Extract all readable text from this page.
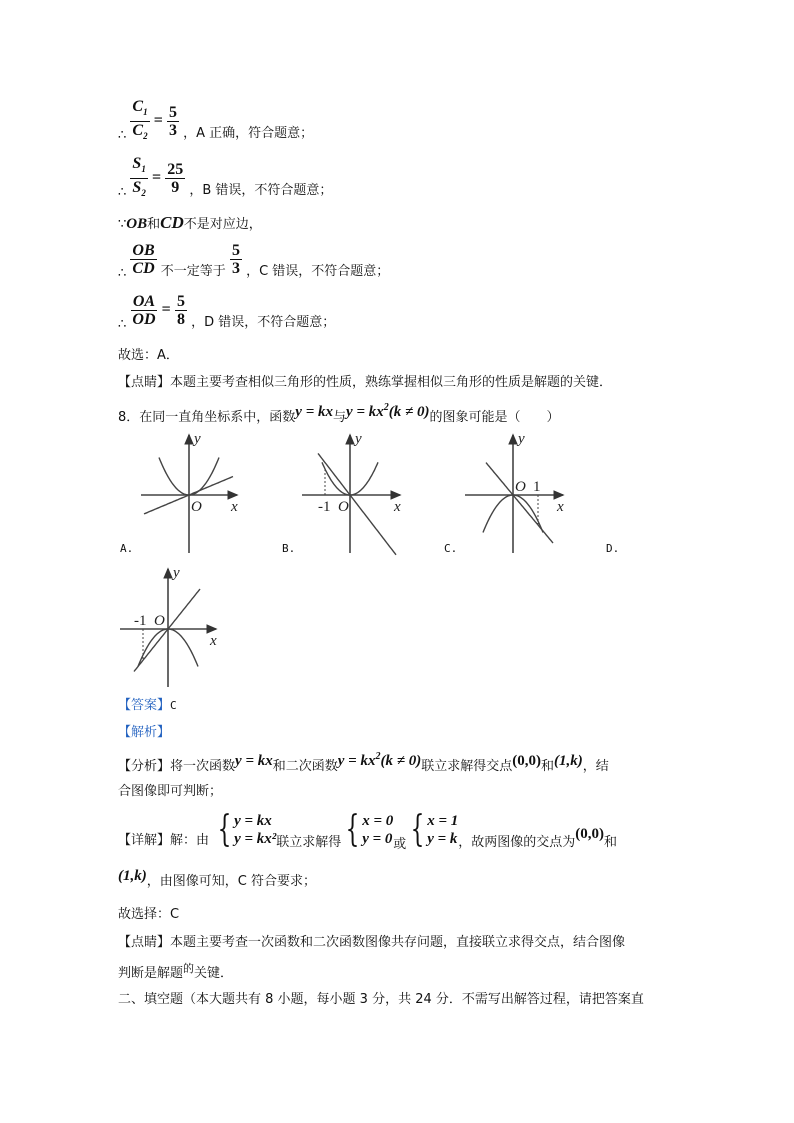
∴ $\frac{C_1}{C_2} = \frac{5}{3}$ ，A 正确，符合题意；
∴ $\frac{S_1}{S_2} = \frac{25}{9}$ ，B 错误，不符合题意；
∵OB和CD不是对应边，
∴ $\frac{OB}{CD}$ 不一定等于 $\frac{5}{3}$ ，C 错误，不符合题意；
∴ $\frac{OA}{OD} = \frac{5}{8}$ ，D 错误，不符合题意；
故选：A．
【点睛】本题主要考查相似三角形的性质，熟练掌握相似三角形的性质是解题的关键．
8．在同一直角坐标系中，函数y = kx与$y = kx^2(k \ne 0)$的图象可能是（　　）
x
y
O	x
y
-1 O	x
y
O 1
x
y
-1 O
A.	B.	C.	D.
【答案】C
【解析】
【分析】将一次函数y = kx和二次函数$y = kx^2(k \ne 0)$联立求解得交点(0,0)和(1,k)，结
合图像即可判断；
【详解】解：由 { y = kx
y = kx² 联立求解得 { x = 0
y = 0 或 { x = 1
y = k ，故两图像的交点为(0,0)和
(1,k)，由图像可知，C 符合要求；
故选择：C
【点睛】本题主要考查一次函数和二次函数图像共存问题，直接联立求得交点，结合图像
判断是解题$^的$关键．
二、填空题（本大题共有 8 小题，每小题 3 分，共 24 分．不需写出解答过程，请把答案直
